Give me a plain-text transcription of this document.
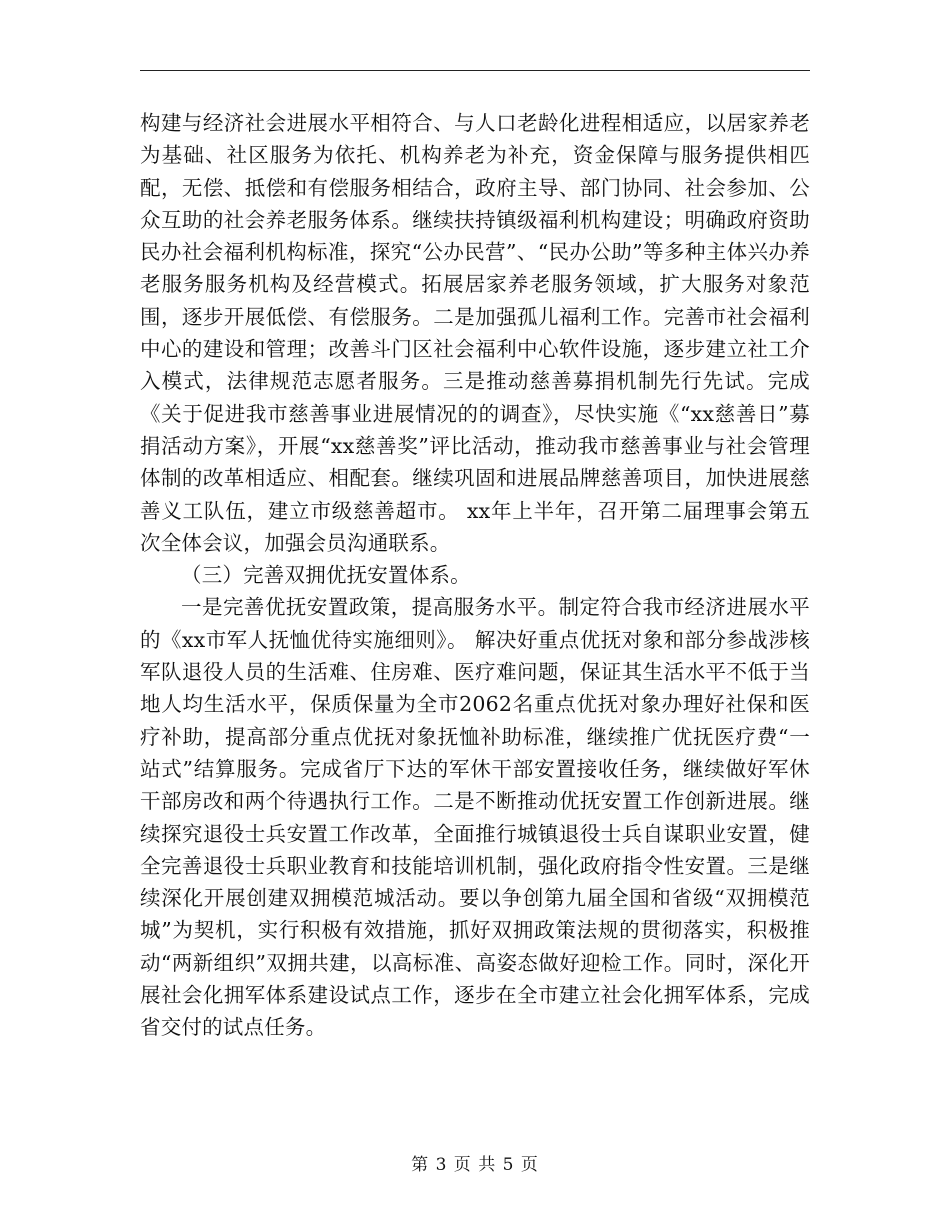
构建与经济社会进展水平相符合、与人口老龄化进程相适应，以居家养老为基础、社区服务为依托、机构养老为补充，资金保障与服务提供相匹配，无偿、抵偿和有偿服务相结合，政府主导、部门协同、社会参加、公众互助的社会养老服务体系。继续扶持镇级福利机构建设；明确政府资助民办社会福利机构标准，探究“公办民营”、“民办公助”等多种主体兴办养老服务服务机构及经营模式。拓展居家养老服务领域，扩大服务对象范围，逐步开展低偿、有偿服务。二是加强孤儿福利工作。完善市社会福利中心的建设和管理；改善斗门区社会福利中心软件设施，逐步建立社工介入模式，法律规范志愿者服务。三是推动慈善募捐机制先行先试。完成《关于促进我市慈善事业进展情况的的调查》，尽快实施《“xx慈善日”募捐活动方案》，开展“xx慈善奖”评比活动，推动我市慈善事业与社会管理体制的改革相适应、相配套。继续巩固和进展品牌慈善项目，加快进展慈善义工队伍，建立市级慈善超市。 xx年上半年，召开第二届理事会第五次全体会议，加强会员沟通联系。

（三）完善双拥优抚安置体系。

一是完善优抚安置政策，提高服务水平。制定符合我市经济进展水平的《xx市军人抚恤优待实施细则》。 解决好重点优抚对象和部分参战涉核军队退役人员的生活难、住房难、医疗难问题，保证其生活水平不低于当地人均生活水平，保质保量为全市2062名重点优抚对象办理好社保和医疗补助，提高部分重点优抚对象抚恤补助标准，继续推广优抚医疗费“一站式”结算服务。完成省厅下达的军休干部安置接收任务，继续做好军休干部房改和两个待遇执行工作。二是不断推动优抚安置工作创新进展。继续探究退役士兵安置工作改革，全面推行城镇退役士兵自谋职业安置，健全完善退役士兵职业教育和技能培训机制，强化政府指令性安置。三是继续深化开展创建双拥模范城活动。要以争创第九届全国和省级“双拥模范城”为契机，实行积极有效措施，抓好双拥政策法规的贯彻落实，积极推动“两新组织”双拥共建，以高标准、高姿态做好迎检工作。同时，深化开展社会化拥军体系建设试点工作，逐步在全市建立社会化拥军体系，完成省交付的试点任务。

第 3 页 共 5 页
